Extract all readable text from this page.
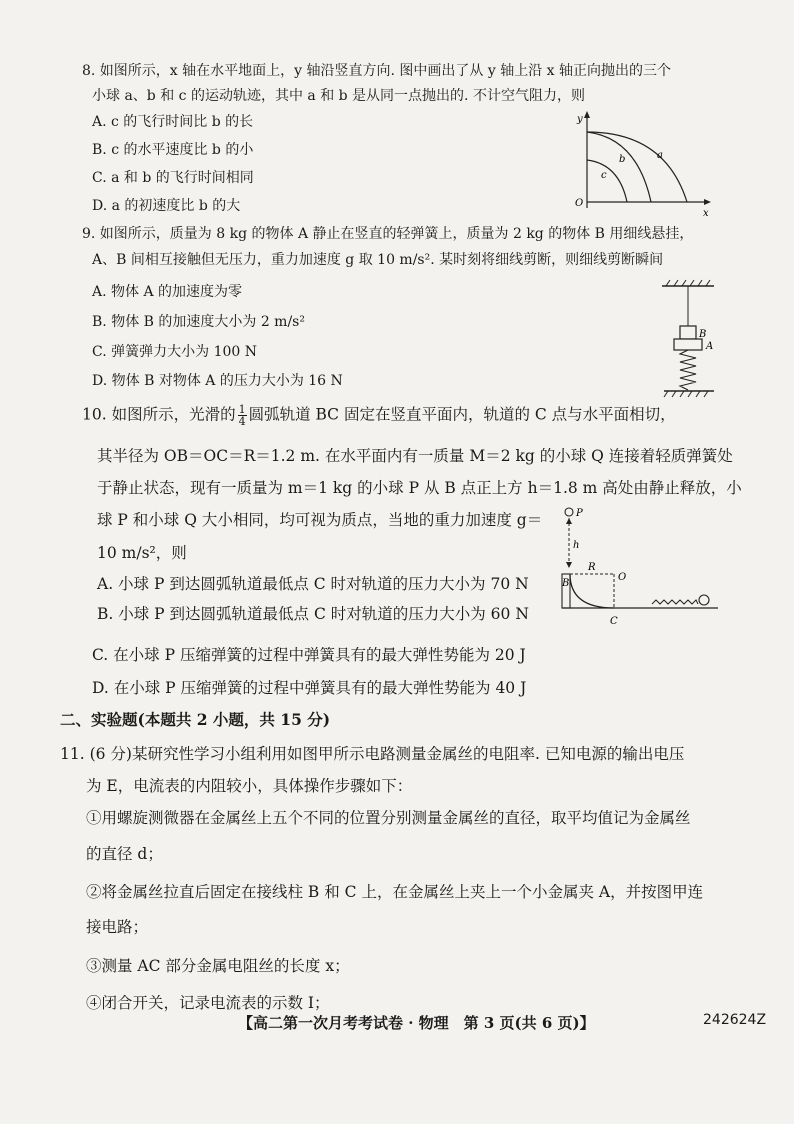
8. 如图所示，x 轴在水平地面上，y 轴沿竖直方向. 图中画出了从 y 轴上沿 x 轴正向抛出的三个
小球 a、b 和 c 的运动轨迹，其中 a 和 b 是从同一点抛出的. 不计空气阻力，则
A. c 的飞行时间比 b 的长
B. c 的水平速度比 b 的小
C. a 和 b 的飞行时间相同
D. a 的初速度比 b 的大
y
x
O
a
b
c
9. 如图所示，质量为 8 kg 的物体 A 静止在竖直的轻弹簧上，质量为 2 kg 的物体 B 用细线悬挂，
A、B 间相互接触但无压力，重力加速度 g 取 10 m/s². 某时刻将细线剪断，则细线剪断瞬间
A. 物体 A 的加速度为零
B. 物体 B 的加速度大小为 2 m/s²
C. 弹簧弹力大小为 100 N
D. 物体 B 对物体 A 的压力大小为 16 N
B
A
10. 如图所示，光滑的 $\frac{1}{4}$ 圆弧轨道 BC 固定在竖直平面内，轨道的 C 点与水平面相切，
其半径为 OB＝OC＝R＝1.2 m. 在水平面内有一质量 M＝2 kg 的小球 Q 连接着轻质弹簧处
于静止状态，现有一质量为 m＝1 kg 的小球 P 从 B 点正上方 h＝1.8 m 高处由静止释放，小
球 P 和小球 Q 大小相同，均可视为质点，当地的重力加速度 g＝
10 m/s²，则
A. 小球 P 到达圆弧轨道最低点 C 时对轨道的压力大小为 70 N
B. 小球 P 到达圆弧轨道最低点 C 时对轨道的压力大小为 60 N
C. 在小球 P 压缩弹簧的过程中弹簧具有的最大弹性势能为 20 J
D. 在小球 P 压缩弹簧的过程中弹簧具有的最大弹性势能为 40 J
P
h
B
R
O
C
二、实验题(本题共 2 小题，共 15 分)
11. (6 分)某研究性学习小组利用如图甲所示电路测量金属丝的电阻率. 已知电源的输出电压
为 E，电流表的内阻较小，具体操作步骤如下：
①用螺旋测微器在金属丝上五个不同的位置分别测量金属丝的直径，取平均值记为金属丝
的直径 d；
②将金属丝拉直后固定在接线柱 B 和 C 上，在金属丝上夹上一个小金属夹 A，并按图甲连
接电路；
③测量 AC 部分金属电阻丝的长度 x；
④闭合开关，记录电流表的示数 I；
【高二第一次月考考试卷 · 物理　第 3 页(共 6 页)】	242624Z
